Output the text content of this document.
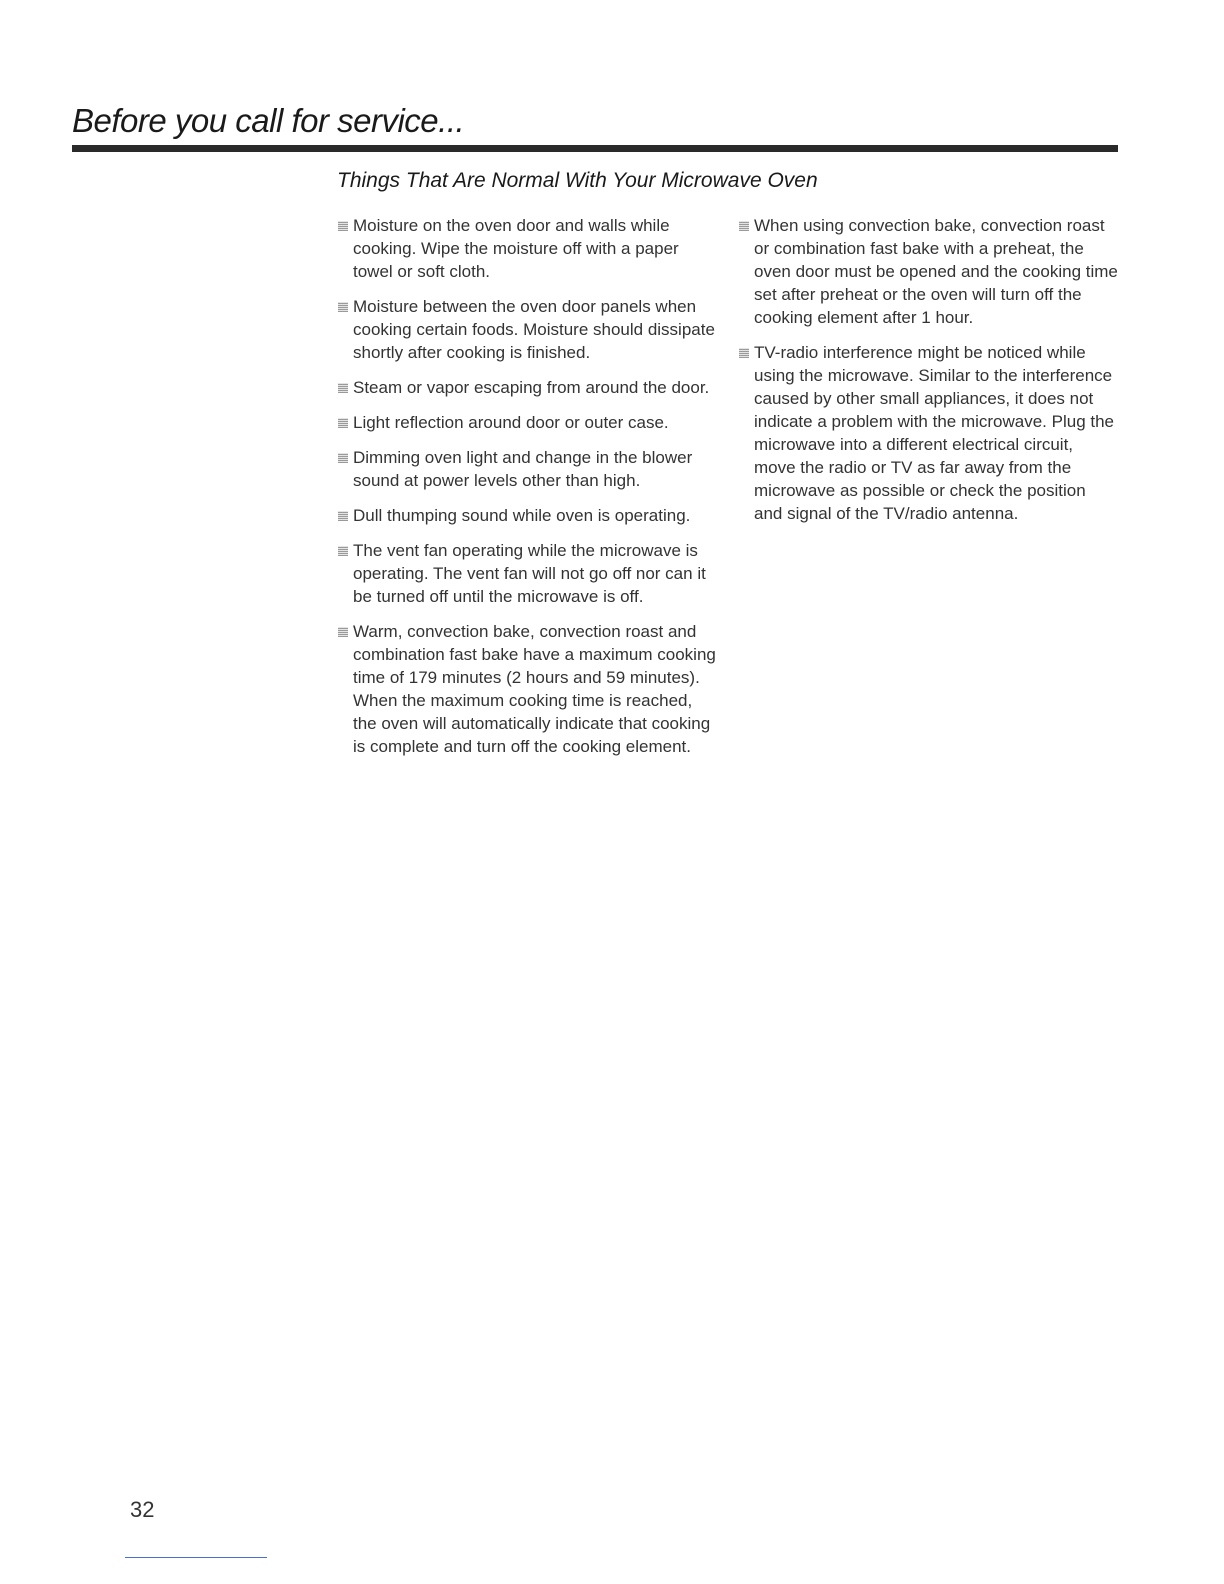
Before you call for service...
Things That Are Normal With Your Microwave Oven
Moisture on the oven door and walls while cooking. Wipe the moisture off with a paper towel or soft cloth.
Moisture between the oven door panels when cooking certain foods. Moisture should dissipate shortly after cooking is finished.
Steam or vapor escaping from around the door.
Light reflection around door or outer case.
Dimming oven light and change in the blower sound at power levels other than high.
Dull thumping sound while oven is operating.
The vent fan operating while the microwave is operating. The vent fan will not go off nor can it be turned off until the microwave is off.
Warm, convection bake, convection roast and combination fast bake have a maximum cooking time of 179 minutes (2 hours and 59 minutes). When the maximum cooking time is reached, the oven will automatically indicate that cooking is complete and turn off the cooking element.
When using convection bake, convection roast or combination fast bake with a preheat, the oven door must be opened and the cooking time set after preheat or the oven will turn off the cooking element after 1 hour.
TV-radio interference might be noticed while using the microwave. Similar to the interference caused by other small appliances, it does not indicate a problem with the microwave. Plug the microwave into a different electrical circuit, move the radio or TV as far away from the microwave as possible or check the position and signal of the TV/radio antenna.
32
